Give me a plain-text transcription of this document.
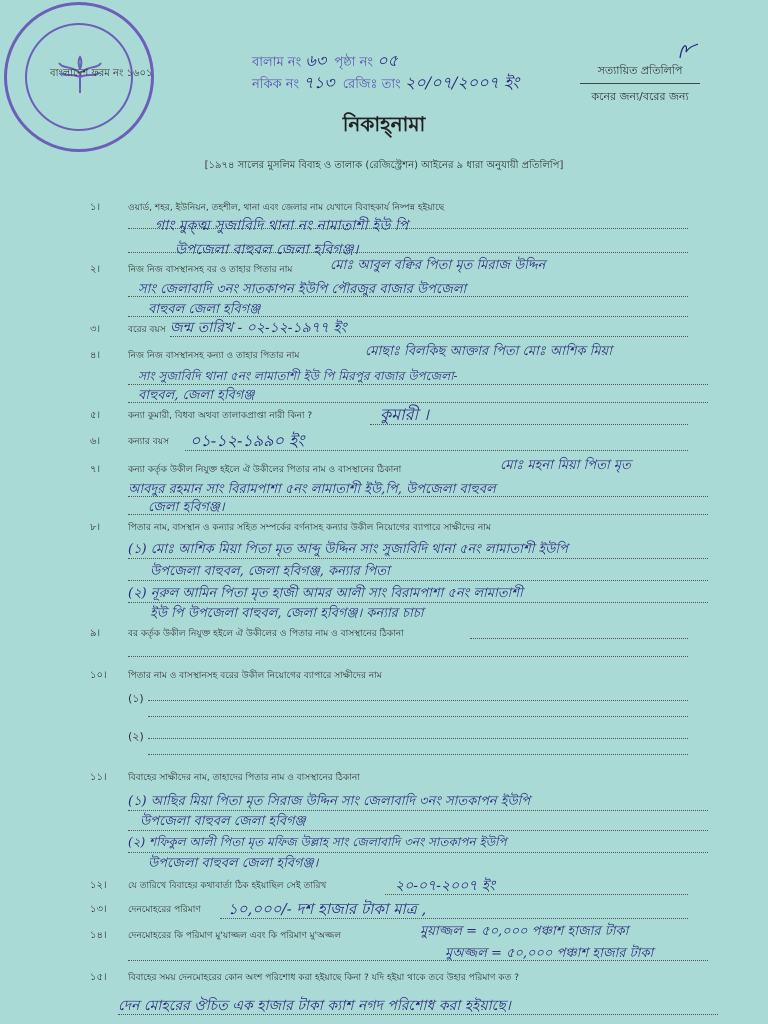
বাংলাদেশ ফরম নং ১৬০১
বালাম নং ৬৩ পৃষ্ঠা নং ০৫
নকিক নং ৭১৩ রেজিঃ তাং ২০/০৭/২০০৭ ইং
সত্যায়িত প্রতিলিপি
কনের জন্য/বরের জন্য
নিকাহ্‌নামা
[১৯৭৪ সালের মুসলিম বিবাহ ও তালাক (রেজিস্ট্রেশন) আইনের ৯ ধারা অনুযায়ী প্রতিলিপি]
১।	ওয়ার্ড, শহর, ইউনিয়ন, তহশীল, থানা এবং জেলার নাম যেখানে বিবাহকার্য নিষ্পন্ন হইয়াছে
গাং মুক্ত্ম সুজাবিদি থানা নং নামাতাশী ইউ পি
উপজেলা বাহুবল জেলা হবিগঞ্জ।
২।	নিজ নিজ বাসস্থানসহ বর ও তাহার পিতার নাম	মোঃ আবুল বক্বির পিতা মৃত মিরাজ উদ্দিন
সাং জেলাবাদি ৩নং সাতকাপন ইউপি পৌরজুর বাজার উপজেলা
বাহুবল জেলা হবিগঞ্জ
৩।	বরের বয়স জন্ম তারিখ - ০২-১২-১৯৭৭ ইং
৪।	নিজ নিজ বাসস্থানসহ কন্যা ও তাহার পিতার নাম	মোছাঃ বিলকিছ আক্তার পিতা মোঃ আশিক মিয়া
সাং সুজাবিদি থানা ৫নং লামাতাশী ইউ পি মিরপুর বাজার উপজেলা-
বাহুবল, জেলা হবিগঞ্জ
৫।	কন্যা কুমারী, বিধবা অথবা তালাকপ্রাপ্তা নারী কিনা ?	কুমারী ।
৬।	কন্যার বয়স ০১-১২-১৯৯০ ইং
৭।	কন্যা কর্তৃক উকীল নিযুক্ত হইলে ঐ উকীলের পিতার নাম ও বাসস্থানের ঠিকানা	মোঃ মহনা মিয়া পিতা মৃত
আবদুর রহমান সাং বিরামপাশা ৫নং লামাতাশী ইউ,পি, উপজেলা বাহুবল
জেলা হবিগঞ্জ।
৮।	পিতার নাম, বাসস্থান ও কন্যার সহিত সম্পর্কের বর্ণনাসহ কন্যার উকীল নিয়োগের ব্যাপারে সাক্ষীদের নাম
(১) মোঃ আশিক মিয়া পিতা মৃত আব্দু উদ্দিন সাং সুজাবিদি থানা ৫নং লামাতাশী ইউপি
উপজেলা বাহুবল, জেলা হবিগঞ্জ, কন্যার পিতা
(২) নূরুল আমিন পিতা মৃত হাজী আমর আলী সাং বিরামপাশা ৫নং লামাতাশী
ইউ পি উপজেলা বাহুবল, জেলা হবিগঞ্জ। কন্যার চাচা
৯।	বর কর্তৃক উকীল নিযুক্ত হইলে ঐ উকীলের ও পিতার নাম ও বাসস্থানের ঠিকানা
১০। পিতার নাম ও বাসস্থানসহ বরের উকীল নিয়োগের ব্যাপারে সাক্ষীদের নাম
(১)
(২)
১১। বিবাহের সাক্ষীদের নাম, তাহাদের পিতার নাম ও বাসস্থানের ঠিকানা
(১) আছির মিয়া পিতা মৃত সিরাজ উদ্দিন সাং জেলাবাদি ৩নং সাতকাপন ইউপি
উপজেলা বাহুবল জেলা হবিগঞ্জ
(২) শফিকুল আলী পিতা মৃত মফিজ উল্লাহ সাং জেলাবাদি ৩নং সাতকাপন ইউপি
উপজেলা বাহুবল জেলা হবিগঞ্জ।
১২। যে তারিখে বিবাহের কথাবার্তা ঠিক হইয়াছিল সেই তারিখ	২০-০৭-২০০৭ ইং
১৩। দেনমোহরের পরিমাণ ১০,০০০/- দশ হাজার টাকা মাত্র ,
১৪। দেনমোহরের কি পরিমাণ মু'য়াজ্জল এবং কি পরিমাণ মু'অজ্জল	মুয়াজ্জল = ৫০,০০০ পঞ্চাশ হাজার টাকা
মুঅজ্জল = ৫০,০০০ পঞ্চাশ হাজার টাকা
১৫। বিবাহের সময় দেনমোহরের কোন অংশ পরিশোধ করা হইয়াছে কিনা ? যদি হইয়া থাকে তবে উহার পরিমাণ কত ?
দেন মোহরের ঔচিত এক হাজার টাকা ক্যাশ নগদ পরিশোধ করা হইয়াছে।
